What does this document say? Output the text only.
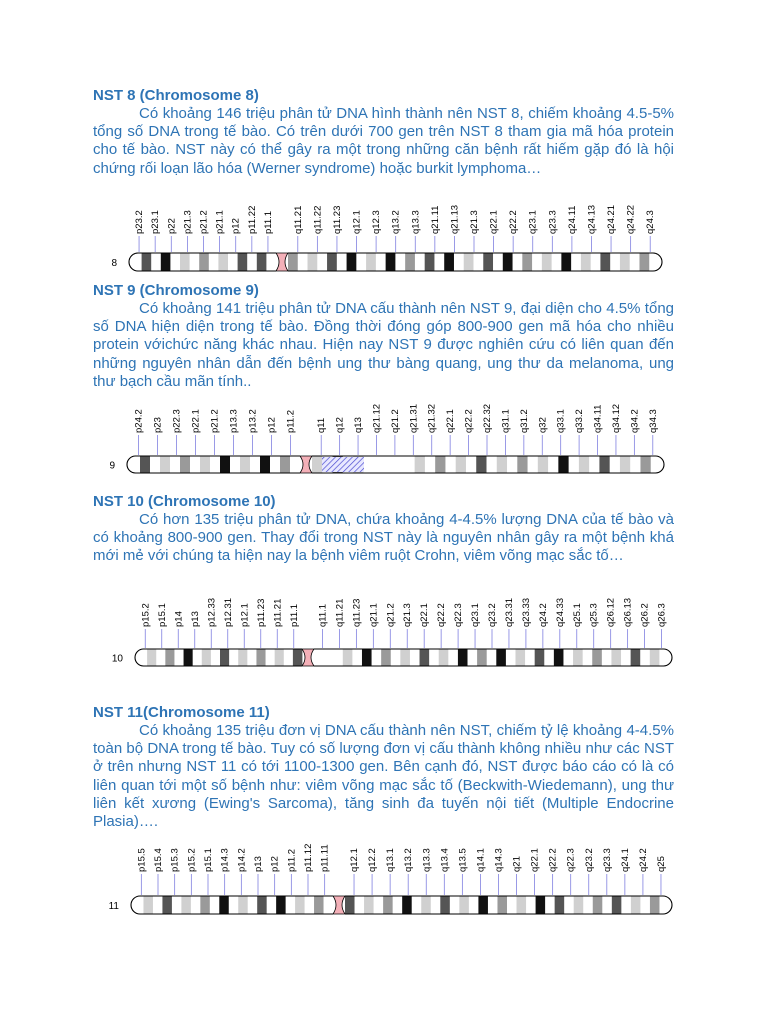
NST 8 (Chromosome 8)

Có khoảng 146 triệu phân tử DNA hình thành nên NST 8, chiếm khoảng 4.5-5% tổng số DNA trong tế bào. Có trên dưới 700 gen trên NST 8 tham gia mã hóa protein cho tế bào. NST này có thể gây ra một trong những căn bệnh rất hiếm gặp đó là hội chứng rối loạn lão hóa (Werner syndrome) hoặc burkit lymphoma…

8
p23.2 p23.1 p22 p21.3 p21.2 p21.1 p12 p11.22 p11.1 q11.21 q11.22 q11.23 q12.1 q12.3 q13.2 q13.3 q21.11 q21.13 q21.3 q22.1 q22.2 q23.1 q23.3 q24.11 q24.13 q24.21 q24.22 q24.3
NST 9 (Chromosome 9)

Có khoảng 141 triệu phân tử DNA cấu thành nên NST 9, đại diện cho 4.5% tổng số DNA hiện diện trong tế bào. Đồng thời đóng góp 800-900 gen mã hóa cho nhiều protein vớichức năng khác nhau. Hiện nay NST 9 được nghiên cứu có liên quan đến những nguyên nhân dẫn đến bệnh ung thư bàng quang, ung thư da melanoma, ung thư bạch cầu mãn tính..

9
p24.2 p23 p22.3 p22.1 p21.2 p13.3 p13.2 p12 p11.2 q11 q12 q13 q21.12 q21.2 q21.31 q21.32 q22.1 q22.2 q22.32 q31.1 q31.2 q32 q33.1 q33.2 q34.11 q34.12 q34.2 q34.3
NST 10 (Chromosome 10)

Có hơn 135 triệu phân tử DNA, chứa khoảng 4-4.5% lượng DNA của tế bào và có khoảng 800-900 gen. Thay đổi trong NST này là nguyên nhân gây ra một bệnh khá mới mẻ với chúng ta hiện nay la bệnh viêm ruột Crohn, viêm võng mạc sắc tố…

10
p15.2 p15.1 p14 p13 p12.33 p12.31 p12.1 p11.23 p11.21 p11.1 q11.1 q11.21 q11.23 q21.1 q21.2 q21.3 q22.1 q22.2 q22.3 q23.1 q23.2 q23.31 q23.33 q24.2 q24.33 q25.1 q25.3 q26.12 q26.13 q26.2 q26.3
NST 11(Chromosome 11)

Có khoảng 135 triệu đơn vị DNA cấu thành nên NST, chiếm tỷ lệ khoảng 4-4.5% toàn bộ DNA trong tế bào. Tuy có số lượng đơn vị cấu thành không nhiều như các NST ở trên nhưng NST 11 có tới 1100-1300 gen. Bên cạnh đó, NST được báo cáo có là có liên quan tới một số bệnh như: viêm võng mạc sắc tố (Beckwith-Wiedemann), ung thư liên kết xương (Ewing's Sarcoma), tăng sinh đa tuyến nội tiết (Multiple Endocrine Plasia)….

11
p15.5 p15.4 p15.3 p15.2 p15.1 p14.3 p14.2 p13 p12 p11.2 p11.12 p11.11 q12.1 q12.2 q13.1 q13.2 q13.3 q13.4 q13.5 q14.1 q14.3 q21 q22.1 q22.2 q22.3 q23.2 q23.3 q24.1 q24.2 q25
